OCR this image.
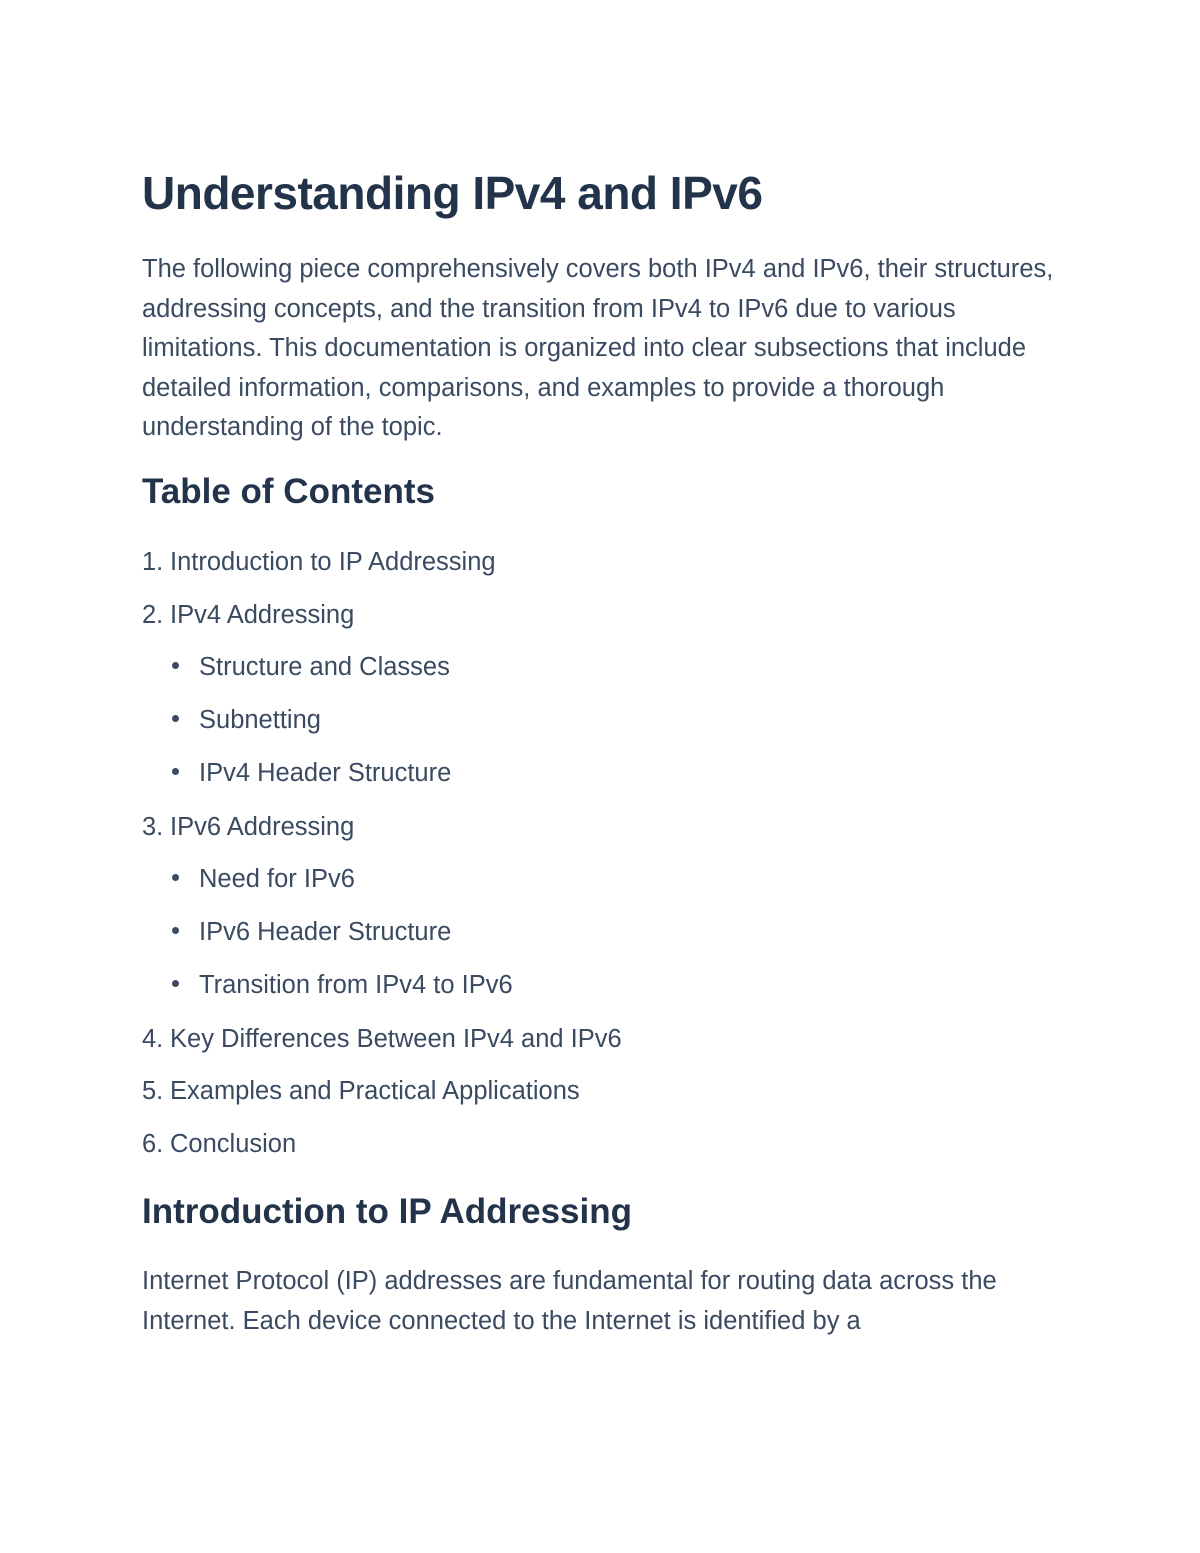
Understanding IPv4 and IPv6

The following piece comprehensively covers both IPv4 and IPv6, their structures, addressing concepts, and the transition from IPv4 to IPv6 due to various limitations. This documentation is organized into clear subsections that include detailed information, comparisons, and examples to provide a thorough understanding of the topic.

Table of Contents
1. Introduction to IP Addressing
2. IPv4 Addressing
Structure and Classes
Subnetting
IPv4 Header Structure
3. IPv6 Addressing
Need for IPv6
IPv6 Header Structure
Transition from IPv4 to IPv6
4. Key Differences Between IPv4 and IPv6
5. Examples and Practical Applications
6. Conclusion
Introduction to IP Addressing

Internet Protocol (IP) addresses are fundamental for routing data across the Internet. Each device connected to the Internet is identified by a
